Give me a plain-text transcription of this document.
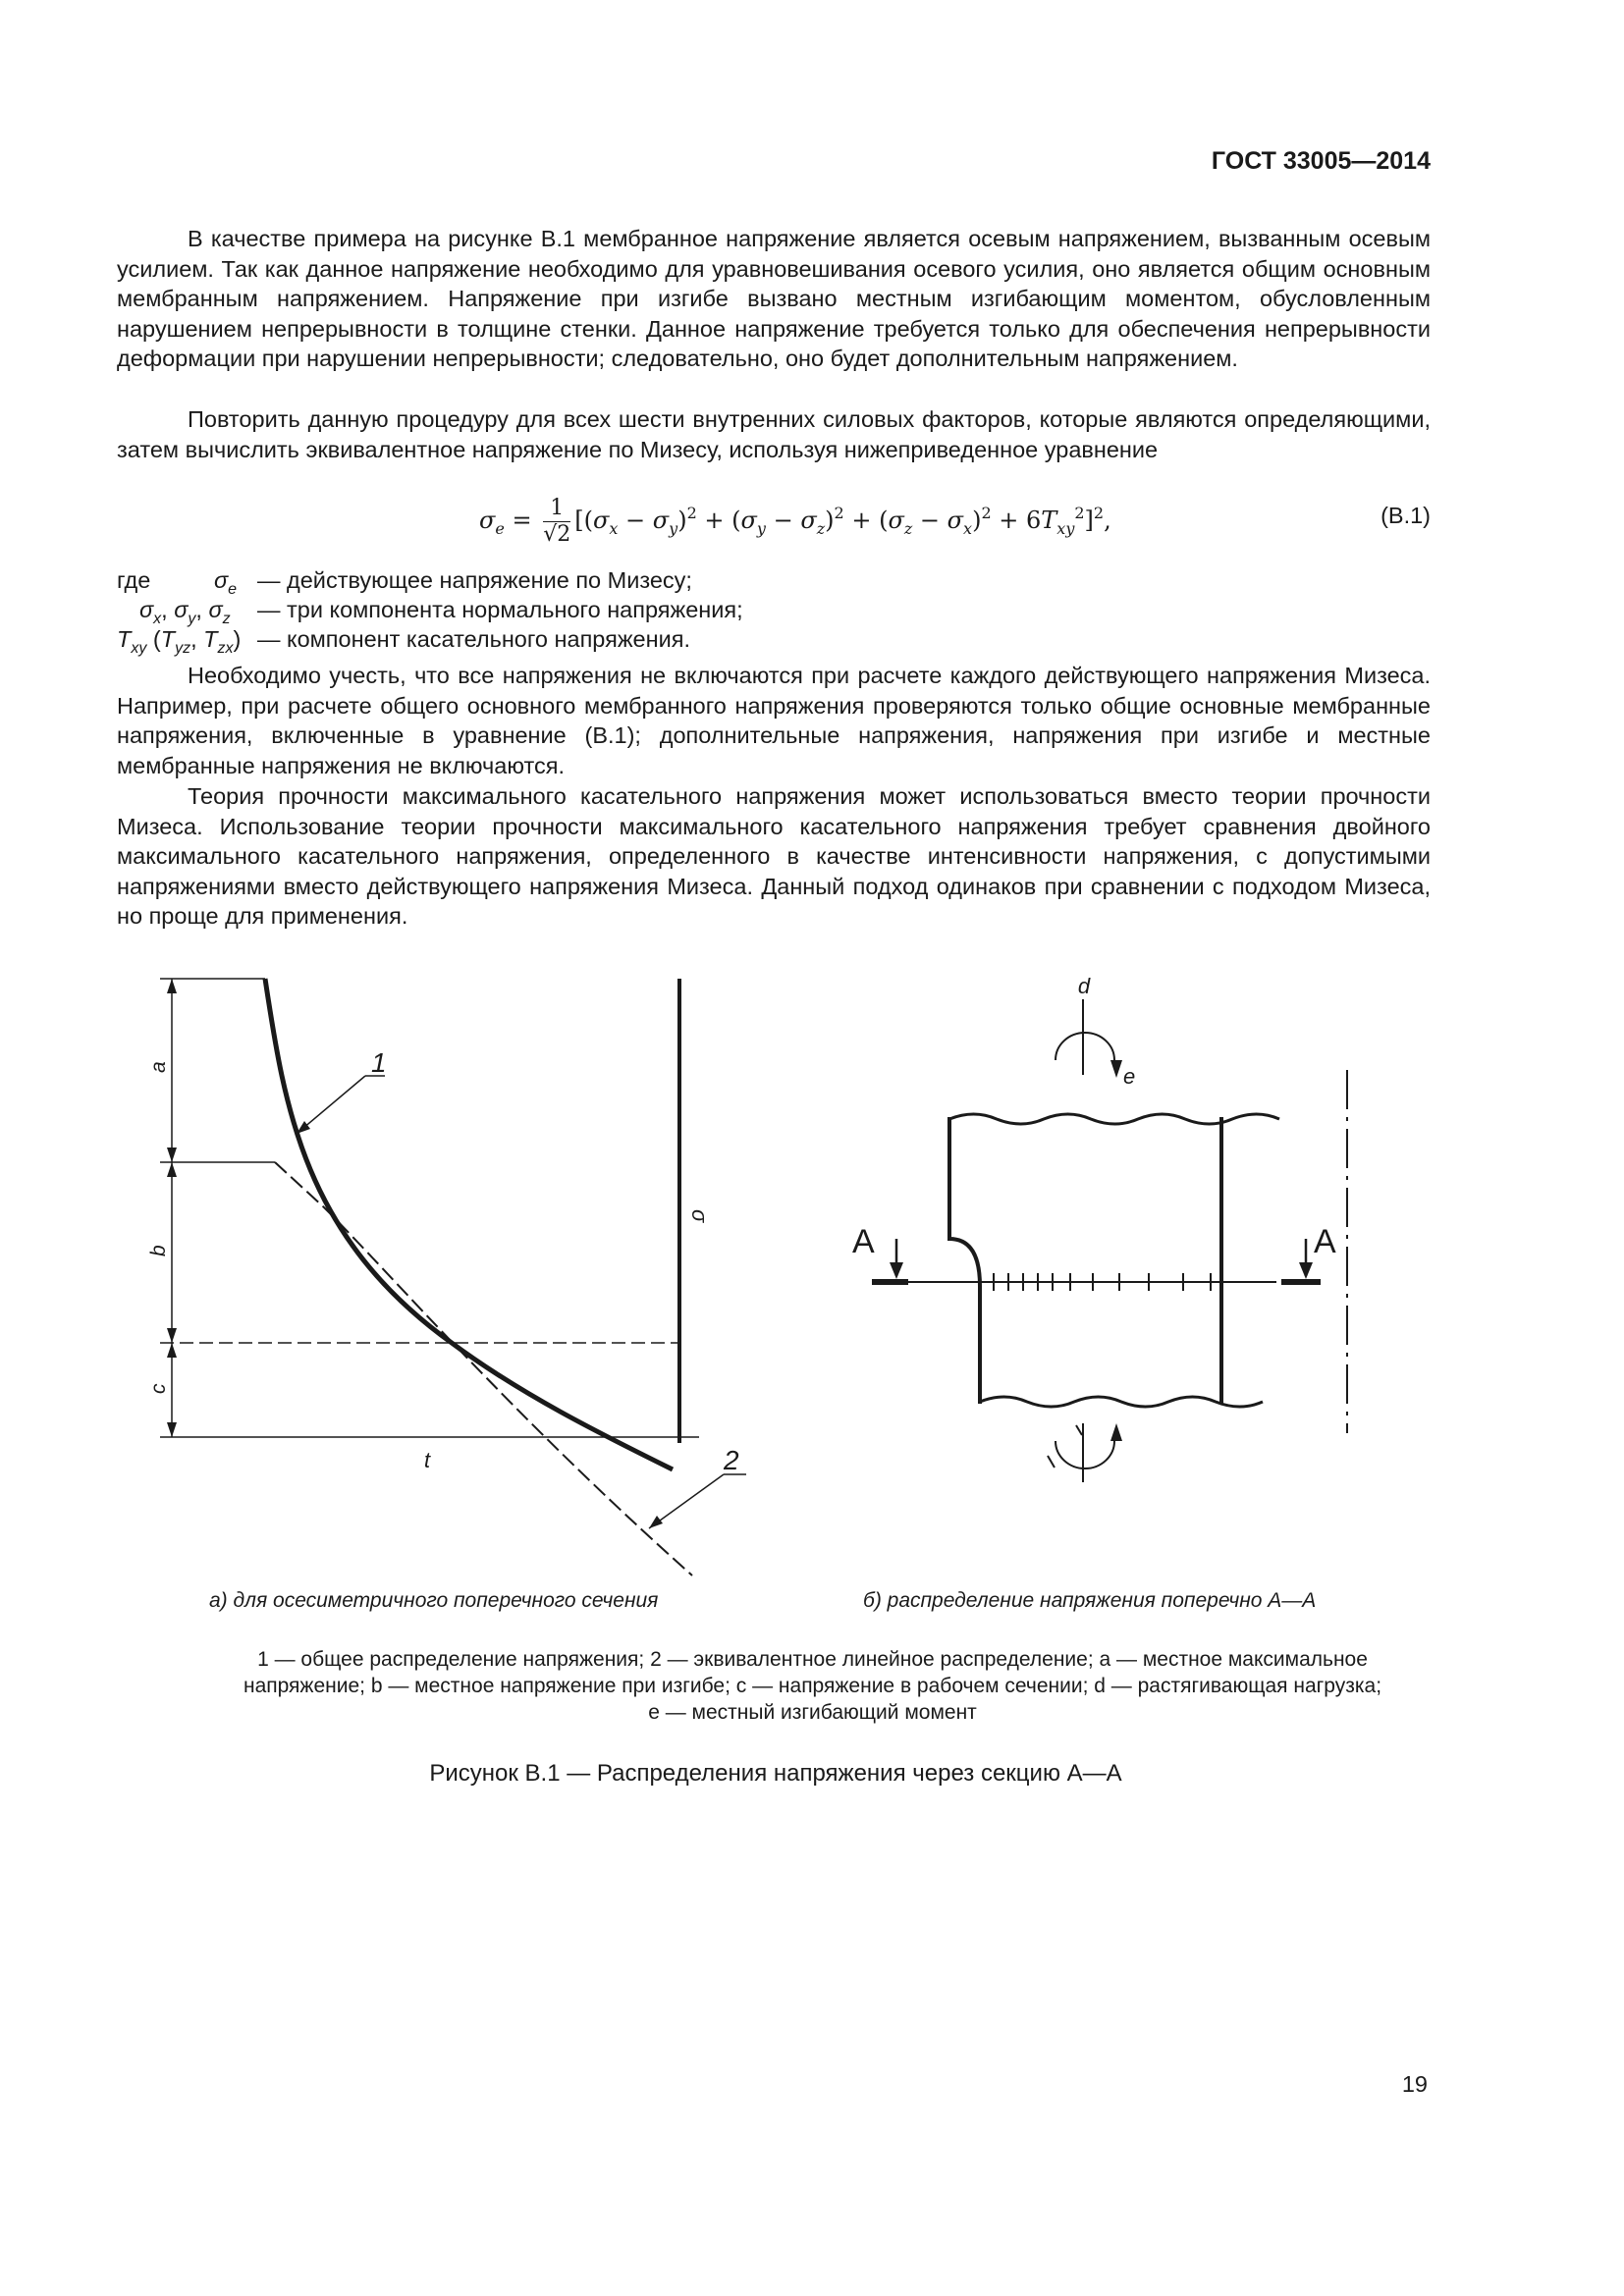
ГОСТ 33005—2014

В качестве примера на рисунке В.1 мембранное напряжение является осевым напряжением, вызванным осевым усилием. Так как данное напряжение необходимо для уравновешивания осевого усилия, оно является общим основным мембранным напряжением. Напряжение при изгибе вызвано местным изгибающим моментом, обусловленным нарушением непрерывности в толщине стенки. Данное напряжение требуется только для обеспечения непрерывности деформации при нарушении непрерывности; следовательно, оно будет дополнительным напряжением.

Повторить данную процедуру для всех шести внутренних силовых факторов, которые являются определяющими, затем вычислить эквивалентное напряжение по Мизесу, используя нижеприведенное уравнение

$\sigma_e = \frac{1}{√2} [(\sigma_x - \sigma_y)^2 + (\sigma_y - \sigma_z)^2 + (\sigma_z - \sigma_x)^2 + 6T_{xy}^2]^2$,	(В.1)
где	$\sigma_e$ — действующее напряжение по Мизесу;
$\sigma_x$, $\sigma_y$, $\sigma_z$ — три компонента нормального напряжения;
$T_{xy}$ ($T_{yz}$, $T_{zx}$) — компонент касательного напряжения.

Необходимо учесть, что все напряжения не включаются при расчете каждого действующего напряжения Мизеса. Например, при расчете общего основного мембранного напряжения проверяются только общие основные мембранные напряжения, включенные в уравнение (В.1); дополнительные напряжения, напряжения при изгибе и местные мембранные напряжения не включаются.

Теория прочности максимального касательного напряжения может использоваться вместо теории прочности Мизеса. Использование теории прочности максимального касательного напряжения требует сравнения двойного максимального касательного напряжения, определенного в качестве интенсивности напряжения, с допустимыми напряжениями вместо действующего напряжения Мизеса. Данный подход одинаков при сравнении с подходом Мизеса, но проще для применения.

a
b
c
t
σ
1
2
d
e
A	A
а) для осесиметричного поперечного сечения	б) распределение напряжения поперечно А—А
1 — общее распределение напряжения; 2 — эквивалентное линейное распределение; a — местное максимальное
напряжение; b — местное напряжение при изгибе; c — напряжение в рабочем сечении; d — растягивающая нагрузка;
e — местный изгибающий момент
Рисунок В.1 — Распределения напряжения через секцию А—А
19
